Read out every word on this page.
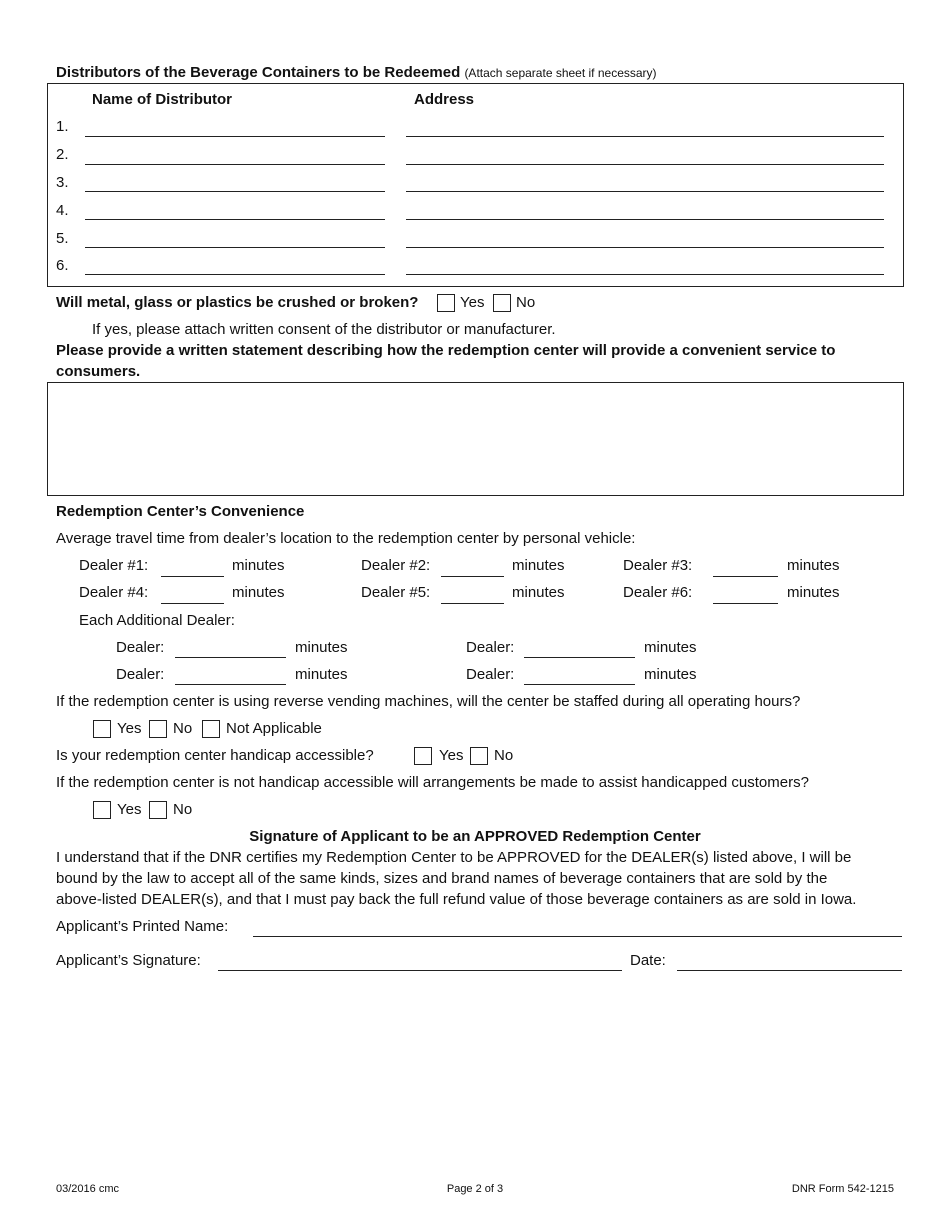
Distributors of the Beverage Containers to be Redeemed (Attach separate sheet if necessary)
Name of Distributor	Address
1.
2.
3.
4.
5.
6.
Will metal, glass or plastics be crushed or broken?	Yes No
If yes, please attach written consent of the distributor or manufacturer.
Please provide a written statement describing how the redemption center will provide a convenient service to
consumers.
Redemption Center’s Convenience
Average travel time from dealer’s location to the redemption center by personal vehicle:
Dealer #1:	minutes	Dealer #2:	minutes	Dealer #3:	minutes
Dealer #4:	minutes	Dealer #5:	minutes	Dealer #6:	minutes
Each Additional Dealer:
Dealer:	minutes	Dealer:	minutes
Dealer:	minutes	Dealer:	minutes
If the redemption center is using reverse vending machines, will the center be staffed during all operating hours?
Yes No Not Applicable
Is your redemption center handicap accessible?	Yes No
If the redemption center is not handicap accessible will arrangements be made to assist handicapped customers?
Yes No
Signature of Applicant to be an APPROVED Redemption Center
I understand that if the DNR certifies my Redemption Center to be APPROVED for the DEALER(s) listed above, I will be
bound by the law to accept all of the same kinds, sizes and brand names of beverage containers that are sold by the
above-listed DEALER(s), and that I must pay back the full refund value of those beverage containers as are sold in Iowa.
Applicant’s Printed Name:
Applicant’s Signature:	Date:
03/2016 cmc	Page 2 of 3	DNR Form 542-1215
